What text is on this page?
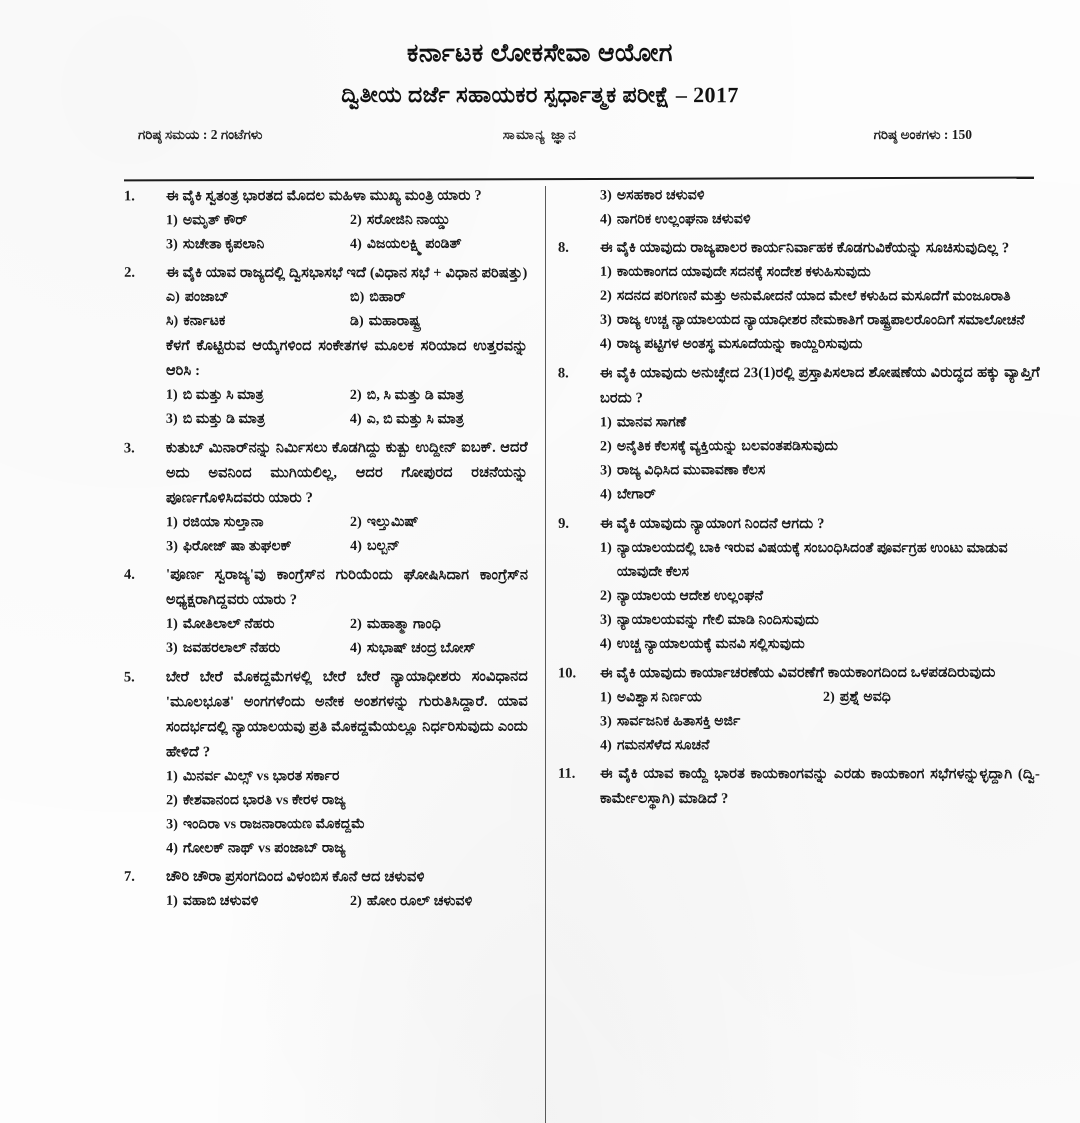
ಕರ್ನಾಟಕ ಲೋಕಸೇವಾ ಆಯೋಗ
ದ್ವಿತೀಯ ದರ್ಜೆ ಸಹಾಯಕರ ಸ್ಪರ್ಧಾತ್ಮಕ ಪರೀಕ್ಷೆ – 2017
ಗರಿಷ್ಠ ಸಮಯ : 2 ಗಂಟೆಗಳು	ಸಾಮಾನ್ಯ ಜ್ಞಾನ	ಗರಿಷ್ಠ ಅಂಕಗಳು : 150
1.	ಈ ವೈಕಿ ಸ್ವತಂತ್ರ ಭಾರತದ ಮೊದಲ ಮಹಿಳಾ ಮುಖ್ಯ ಮಂತ್ರಿ ಯಾರು ?
1) ಅಮೃತ್ ಕೌರ್	2) ಸರೋಜಿನಿ ನಾಯ್ಡು
3) ಸುಚೇತಾ ಕೃಪಲಾನಿ	4) ವಿಜಯಲಕ್ಷ್ಮಿ ಪಂಡಿತ್
2.	ಈ ವೈಕಿ ಯಾವ ರಾಜ್ಯದಲ್ಲಿ ದ್ವಿಸಭಾಸಭೆ ಇದೆ (ವಿಧಾನ ಸಭೆ + ವಿಧಾನ ಪರಿಷತ್ತು)
ಎ) ಪಂಜಾಬ್	ಬಿ) ಬಿಹಾರ್
ಸಿ) ಕರ್ನಾಟಕ	ಡಿ) ಮಹಾರಾಷ್ಟ್ರ
ಕೆಳಗೆ ಕೊಟ್ಟಿರುವ ಆಯ್ಕೆಗಳಿಂದ ಸಂಕೇತಗಳ ಮೂಲಕ ಸರಿಯಾದ ಉತ್ತರವನ್ನು ಆರಿಸಿ :
1) ಬಿ ಮತ್ತು ಸಿ ಮಾತ್ರ	2) ಬಿ, ಸಿ ಮತ್ತು ಡಿ ಮಾತ್ರ
3) ಬಿ ಮತ್ತು ಡಿ ಮಾತ್ರ	4) ಎ, ಬಿ ಮತ್ತು ಸಿ ಮಾತ್ರ
3.	ಕುತುಬ್ ಮಿನಾರ್‌ನನ್ನು ನಿರ್ಮಿಸಲು ಕೊಡಗಿದ್ದು ಕುತ್ಬು ಉದ್ದೀನ್ ಐಬಕ್. ಆದರೆ ಅದು ಅವನಿಂದ ಮುಗಿಯಲಿಲ್ಲ, ಆದರ ಗೋಪುರದ ರಚನೆಯನ್ನು ಪೂರ್ಣಗೊಳಿಸಿದವರು ಯಾರು ?
1) ರಜಿಯಾ ಸುಲ್ತಾನಾ	2) ಇಲ್ತುಮಿಷ್
3) ಫಿರೋಜ್ ಷಾ ತುಘಲಕ್	4) ಬಲ್ಬನ್
4.	'ಪೂರ್ಣ ಸ್ವರಾಜ್ಯ'ವು ಕಾಂಗ್ರೆಸ್‌ನ ಗುರಿಯೆಂದು ಘೋಷಿಸಿದಾಗ ಕಾಂಗ್ರೆಸ್‌ನ ಅಧ್ಯಕ್ಷರಾಗಿದ್ದವರು ಯಾರು ?
1) ಮೋತಿಲಾಲ್ ನೆಹರು	2) ಮಹಾತ್ಮಾ ಗಾಂಧಿ
3) ಜವಹರಲಾಲ್ ನೆಹರು	4) ಸುಭಾಷ್ ಚಂದ್ರ ಬೋಸ್
5.	ಬೇರೆ ಬೇರೆ ಮೊಕದ್ದಮೆಗಳಲ್ಲಿ ಬೇರೆ ಬೇರೆ ನ್ಯಾಯಾಧೀಶರು ಸಂವಿಧಾನದ 'ಮೂಲಭೂತ' ಅಂಗಗಳೆಂದು ಅನೇಕ ಅಂಶಗಳನ್ನು ಗುರುತಿಸಿದ್ದಾರೆ. ಯಾವ ಸಂದರ್ಭದಲ್ಲಿ ನ್ಯಾಯಾಲಯವು ಪ್ರತಿ ಮೊಕದ್ದಮೆಯಲ್ಲೂ ನಿರ್ಧರಿಸುವುದು ಎಂದು ಹೇಳಿದೆ ?
1) ಮಿನರ್ವ ಮಿಲ್ಸ್ vs ಭಾರತ ಸರ್ಕಾರ
2) ಕೇಶವಾನಂದ ಭಾರತಿ vs ಕೇರಳ ರಾಜ್ಯ
3) ಇಂದಿರಾ vs ರಾಜನಾರಾಯಣ ಮೊಕದ್ದಮೆ
4) ಗೋಲಕ್ ನಾಥ್ vs ಪಂಜಾಬ್ ರಾಜ್ಯ
7.	ಚೌರಿ ಚೌರಾ ಪ್ರಸಂಗದಿಂದ ವಿಳಂಬಿಸ ಕೊನೆ ಆದ ಚಳುವಳಿ
1) ವಹಾಬಿ ಚಳುವಳಿ	2) ಹೋಂ ರೂಲ್ ಚಳುವಳಿ
3) ಅಸಹಕಾರ ಚಳುವಳಿ
4) ನಾಗರಿಕ ಉಲ್ಲಂಘನಾ ಚಳುವಳಿ
8.	ಈ ವೈಕಿ ಯಾವುದು ರಾಜ್ಯಪಾಲರ ಕಾರ್ಯನಿರ್ವಾಹಕ ಕೊಡಗುವಿಕೆಯನ್ನು ಸೂಚಿಸುವುದಿಲ್ಲ ?
1) ಕಾಯಕಾಂಗದ ಯಾವುದೇ ಸದನಕ್ಕೆ ಸಂದೇಶ ಕಳುಹಿಸುವುದು
2) ಸದನದ ಪರಿಗಣನೆ ಮತ್ತು ಅನುಮೋದನೆ ಯಾದ ಮೇಲೆ ಕಳುಹಿದ ಮಸೂದೆಗೆ ಮಂಜೂರಾತಿ
3) ರಾಜ್ಯ ಉಚ್ಚ ನ್ಯಾಯಾಲಯದ ನ್ಯಾಯಾಧೀಶರ ನೇಮಕಾತಿಗೆ ರಾಷ್ಟ್ರಪಾಲರೊಂದಿಗೆ ಸಮಾಲೋಚನೆ
4) ರಾಜ್ಯ ಪಟ್ಟಿಗಳ ಅಂತಸ್ಥ ಮಸೂದೆಯನ್ನು ಕಾಯ್ದಿರಿಸುವುದು
8.	ಈ ವೈಕಿ ಯಾವುದು ಅನುಚ್ಛೇದ 23(1)ರಲ್ಲಿ ಪ್ರಸ್ತಾಪಿಸಲಾದ ಶೋಷಣೆಯ ವಿರುದ್ಧದ ಹಕ್ಕು ವ್ಯಾಪ್ತಿಗೆ ಬರದು ?
1) ಮಾನವ ಸಾಗಣೆ
2) ಅನೈತಿಕ ಕೆಲಸಕ್ಕೆ ವ್ಯಕ್ತಿಯನ್ನು ಬಲವಂತಪಡಿಸುವುದು
3) ರಾಜ್ಯ ವಿಧಿಸಿದ ಮುವಾವಣಾ ಕೆಲಸ
4) ಬೇಗಾರ್
9.	ಈ ವೈಕಿ ಯಾವುದು ನ್ಯಾಯಾಂಗ ನಿಂದನೆ ಆಗದು ?
1) ನ್ಯಾಯಾಲಯದಲ್ಲಿ ಬಾಕಿ ಇರುವ ವಿಷಯಕ್ಕೆ ಸಂಬಂಧಿಸಿದಂತೆ ಪೂರ್ವಗ್ರಹ ಉಂಟು ಮಾಡುವ ಯಾವುದೇ ಕೆಲಸ
2) ನ್ಯಾಯಾಲಯ ಆದೇಶ ಉಲ್ಲಂಘನೆ
3) ನ್ಯಾಯಾಲಯವನ್ನು ಗೇಲಿ ಮಾಡಿ ನಿಂದಿಸುವುದು
4) ಉಚ್ಚ ನ್ಯಾಯಾಲಯಕ್ಕೆ ಮನವಿ ಸಲ್ಲಿಸುವುದು
10.	ಈ ವೈಕಿ ಯಾವುದು ಕಾರ್ಯಾಚರಣೆಯ ವಿವರಣೆಗೆ ಕಾಯಕಾಂಗದಿಂದ ಒಳಪಡದಿರುವುದು
1) ಅವಿಶ್ವಾಸ ನಿರ್ಣಯ	2) ಪ್ರಶ್ನೆ ಅವಧಿ
3) ಸಾರ್ವಜನಿಕ ಹಿತಾಸಕ್ತಿ ಅರ್ಜಿ
4) ಗಮನಸೆಳೆದ ಸೂಚನೆ
11.	ಈ ವೈಕಿ ಯಾವ ಕಾಯ್ದೆ ಭಾರತ ಕಾಯಕಾಂಗವನ್ನು ಎರಡು ಕಾಯಕಾಂಗ ಸಭೆಗಳನ್ನುಳ್ಳದ್ದಾಗಿ (ದ್ವಿ-ಕಾರ್ಮೇಲಸ್ಥಾಗಿ) ಮಾಡಿದೆ ?
